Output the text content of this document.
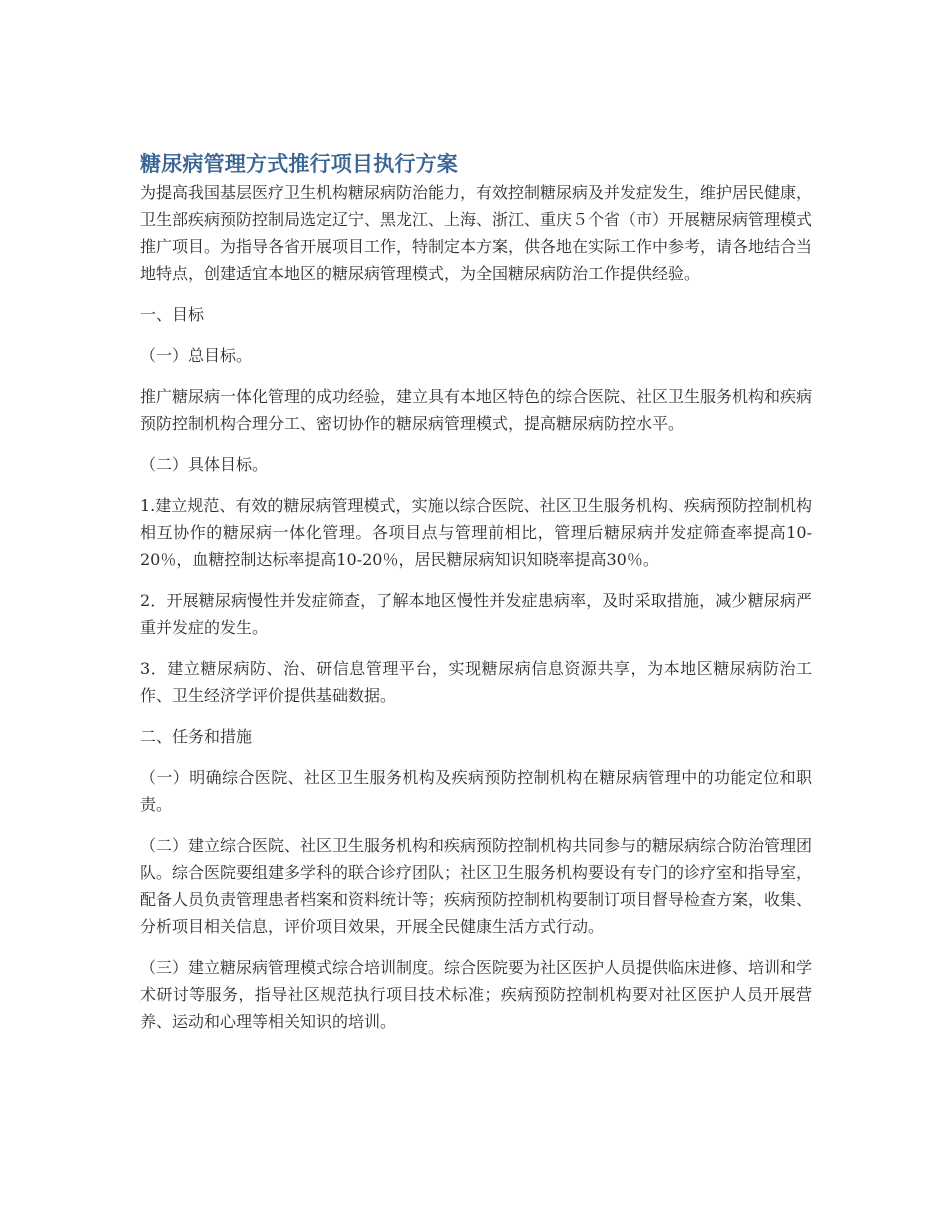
糖尿病管理方式推行项目执行方案

为提高我国基层医疗卫生机构糖尿病防治能力，有效控制糖尿病及并发症发生，维护居民健康，卫生部疾病预防控制局选定辽宁、黑龙江、上海、浙江、重庆５个省（市）开展糖尿病管理模式推广项目。为指导各省开展项目工作，特制定本方案，供各地在实际工作中参考，请各地结合当地特点，创建适宜本地区的糖尿病管理模式，为全国糖尿病防治工作提供经验。

一、目标

（一）总目标。

推广糖尿病一体化管理的成功经验，建立具有本地区特色的综合医院、社区卫生服务机构和疾病预防控制机构合理分工、密切协作的糖尿病管理模式，提高糖尿病防控水平。

（二）具体目标。

1.建立规范、有效的糖尿病管理模式，实施以综合医院、社区卫生服务机构、疾病预防控制机构相互协作的糖尿病一体化管理。各项目点与管理前相比，管理后糖尿病并发症筛查率提高10-20％，血糖控制达标率提高10-20％，居民糖尿病知识知晓率提高30％。

2．开展糖尿病慢性并发症筛查，了解本地区慢性并发症患病率，及时采取措施，减少糖尿病严重并发症的发生。

3．建立糖尿病防、治、研信息管理平台，实现糖尿病信息资源共享，为本地区糖尿病防治工作、卫生经济学评价提供基础数据。

二、任务和措施

（一）明确综合医院、社区卫生服务机构及疾病预防控制机构在糖尿病管理中的功能定位和职责。

（二）建立综合医院、社区卫生服务机构和疾病预防控制机构共同参与的糖尿病综合防治管理团队。综合医院要组建多学科的联合诊疗团队；社区卫生服务机构要设有专门的诊疗室和指导室，配备人员负责管理患者档案和资料统计等；疾病预防控制机构要制订项目督导检查方案，收集、分析项目相关信息，评价项目效果，开展全民健康生活方式行动。

（三）建立糖尿病管理模式综合培训制度。综合医院要为社区医护人员提供临床进修、培训和学术研讨等服务，指导社区规范执行项目技术标准；疾病预防控制机构要对社区医护人员开展营养、运动和心理等相关知识的培训。
